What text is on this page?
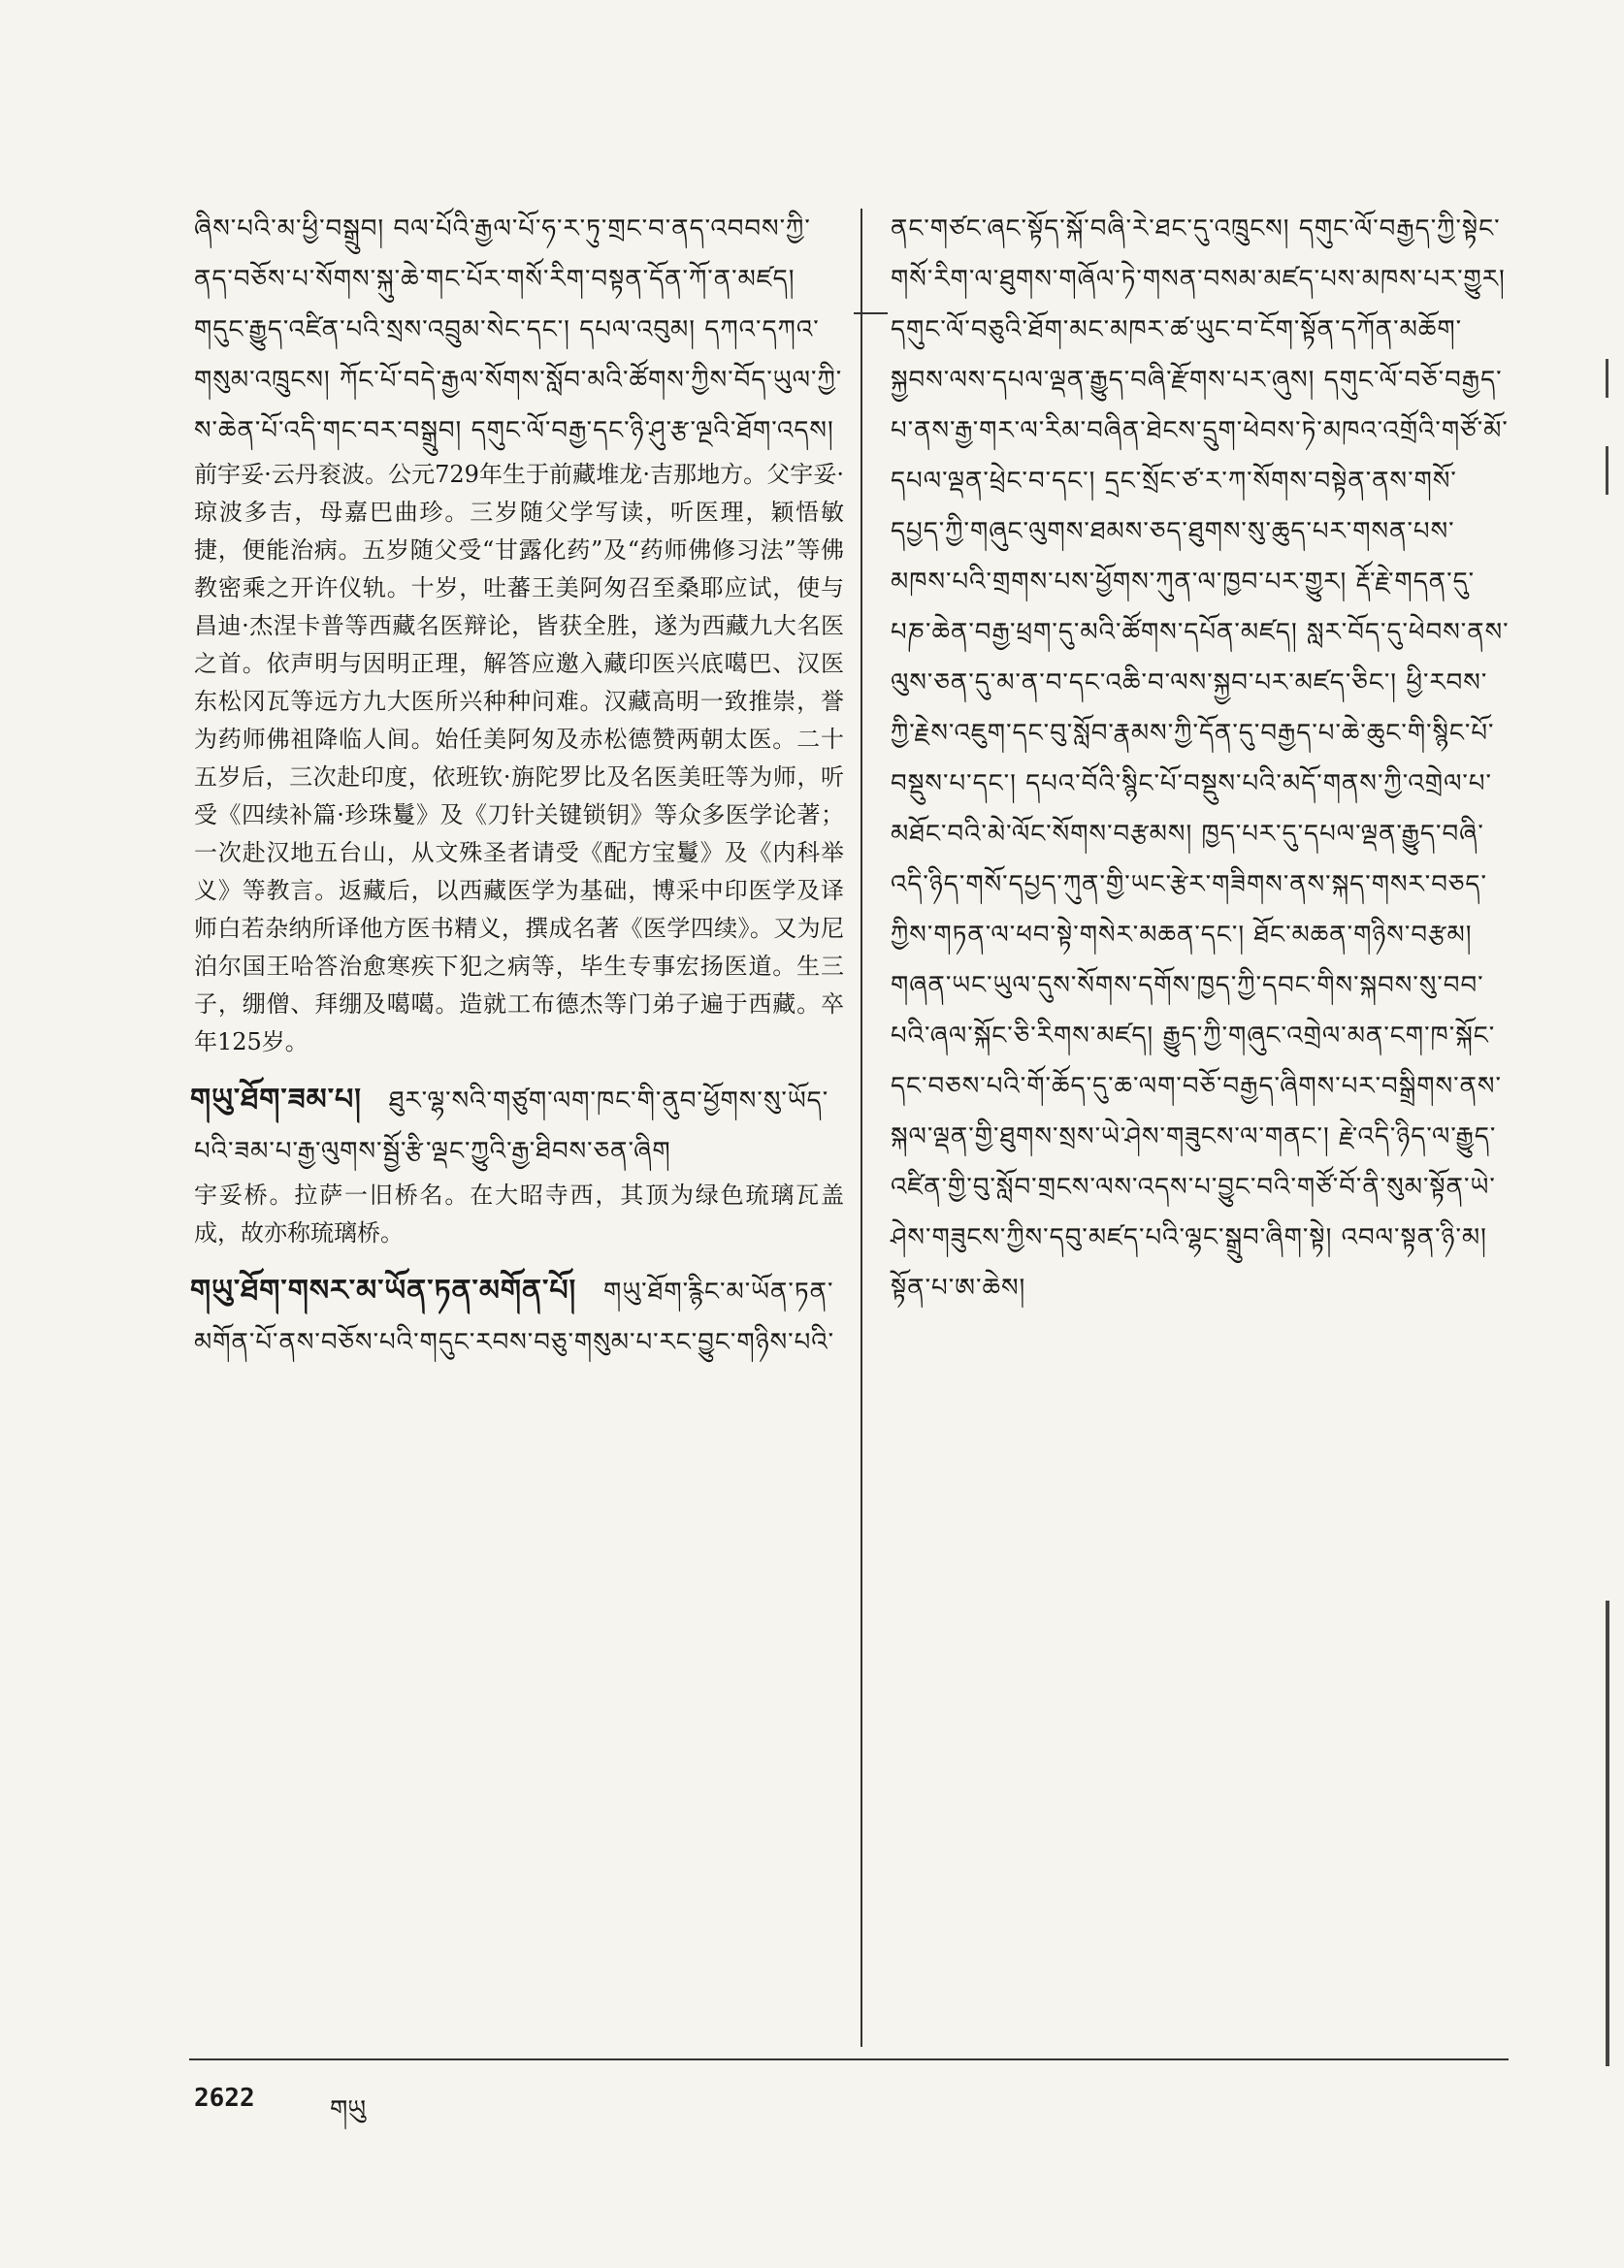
ཞིས་པའི་མ་ཕྱི་བསྒྲུབ། བལ་པོའི་རྒྱལ་པོ་ཧ་ར་ཏུ་གྲང་བ་ནད་འབབས་ཀྱི་ནད་བཅོས་པ་སོགས་སྐུ་ཆེ་གང་པོར་གསོ་རིག་བསྟན་དོན་ཀོ་ན་མཛད། གདུང་རྒྱུད་འཛིན་པའི་སྲས་འབྲུམ་སེང་དང་། དཔལ་འབུམ། དཀའ་དཀའ་གསུམ་འཁྲུངས། ཀོང་པོ་བདེ་རྒྱལ་སོགས་སློབ་མའི་ཚོགས་ཀྱིས་བོད་ཡུལ་ཀྱི་ས་ཆེན་པོ་འདི་གང་བར་བསྒྲུབ། དགུང་ལོ་བརྒྱ་དང་ཉི་ཤུ་རྩ་ལྔའི་ཐོག་འདས།

前宇妥·云丹衮波。公元729年生于前藏堆龙·吉那地方。父宇妥·琼波多吉，母嘉巴曲珍。三岁随父学写读，听医理，颖悟敏捷，便能治病。五岁随父受“甘露化药”及“药师佛修习法”等佛教密乘之开许仪轨。十岁，吐蕃王美阿匆召至桑耶应试，使与昌迪·杰涅卡普等西藏名医辩论，皆获全胜，遂为西藏九大名医之首。依声明与因明正理，解答应邀入藏印医兴底噶巴、汉医东松冈瓦等远方九大医所兴种种问难。汉藏高明一致推崇，誉为药师佛祖降临人间。始任美阿匆及赤松德赞两朝太医。二十五岁后，三次赴印度，依班钦·旃陀罗比及名医美旺等为师，听受《四续补篇·珍珠鬘》及《刀针关键锁钥》等众多医学论著；一次赴汉地五台山，从文殊圣者请受《配方宝鬘》及《内科举义》等教言。返藏后，以西藏医学为基础，博采中印医学及译师白若杂纳所译他方医书精义，撰成名著《医学四续》。又为尼泊尔国王哈答治愈寒疾下犯之病等，毕生专事宏扬医道。生三子，绷僧、拜绷及噶噶。造就工布德杰等门弟子遍于西藏。卒年125岁。

གཡུ་ཐོག་ཟམ་པ། ཐུར་ལྷ་སའི་གཙུག་ལག་ཁང་གི་ནུབ་ཕྱོགས་སུ་ཡོད་པའི་ཟམ་པ་རྒྱ་ལུགས་སྦྱོ་རྩི་ལྡང་ཀྱུའི་རྒྱ་ཐིབས་ཅན་ཞིག

宇妥桥。拉萨一旧桥名。在大昭寺西，其顶为绿色琉璃瓦盖成，故亦称琉璃桥。

གཡུ་ཐོག་གསར་མ་ཡོན་ཏན་མགོན་པོ། གཡུ་ཐོག་རྙིང་མ་ཡོན་ཏན་མགོན་པོ་ནས་བཅོས་པའི་གདུང་རབས་བཅུ་གསུམ་པ་རང་བྱུང་གཉིས་པའི་

ནང་གཙང་ཞང་སྟོད་སྐོ་བཞི་རེ་ཐང་དུ་འཁྲུངས། དགུང་ལོ་བརྒྱད་ཀྱི་སྟེང་གསོ་རིག་ལ་ཐུགས་གཞོལ་ཏེ་གསན་བསམ་མཛད་པས་མཁས་པར་གྱུར། དགུང་ལོ་བཅུའི་ཐོག་མང་མཁར་ཚ་ཡུང་བ་ངོག་སྟོན་དཀོན་མཆོག་སྐྱབས་ལས་དཔལ་ལྡན་རྒྱུད་བཞི་རྫོགས་པར་ཞུས། དགུང་ལོ་བཅོ་བརྒྱད་པ་ནས་རྒྱ་གར་ལ་རིམ་བཞིན་ཐེངས་དྲུག་ཕེབས་ཏེ་མཁའ་འགྲོའི་གཙོ་མོ་དཔལ་ལྡན་ཕྲེང་བ་དང་། དྲང་སྲོང་ཙ་ར་ཀ་སོགས་བསྟེན་ནས་གསོ་དཔྱད་ཀྱི་གཞུང་ལུགས་ཐམས་ཅད་ཐུགས་སུ་ཆུད་པར་གསན་པས་མཁས་པའི་གྲགས་པས་ཕྱོགས་ཀུན་ལ་ཁྱབ་པར་གྱུར། རྡོ་རྗེ་གདན་དུ་པཎ་ཆེན་བརྒྱ་ཕྲག་དུ་མའི་ཚོགས་དཔོན་མཛད། སླར་བོད་དུ་ཕེབས་ནས་ལུས་ཅན་དུ་མ་ན་བ་དང་འཆི་བ་ལས་སྐྱབ་པར་མཛད་ཅིང་། ཕྱི་རབས་ཀྱི་རྗེས་འཇུག་དང་བུ་སློབ་རྣམས་ཀྱི་དོན་དུ་བརྒྱད་པ་ཆེ་ཆུང་གི་སྙིང་པོ་བསྡུས་པ་དང་། དཔའ་བོའི་སྙིང་པོ་བསྡུས་པའི་མདོ་གནས་ཀྱི་འགྲེལ་པ་མཐོང་བའི་མེ་ལོང་སོགས་བརྩམས། ཁྱད་པར་དུ་དཔལ་ལྡན་རྒྱུད་བཞི་འདི་ཉིད་གསོ་དཔྱད་ཀུན་གྱི་ཡང་རྩེར་གཟིགས་ནས་སྐད་གསར་བཅད་ཀྱིས་གཏན་ལ་ཕབ་སྟེ་གསེར་མཆན་དང་། ཐོང་མཆན་གཉིས་བརྩམ། གཞན་ཡང་ཡུལ་དུས་སོགས་དགོས་ཁྱད་ཀྱི་དབང་གིས་སྐབས་སུ་བབ་པའི་ཞལ་སྐོང་ཅི་རིགས་མཛད། རྒྱུད་ཀྱི་གཞུང་འགྲེལ་མན་ངག་ཁ་སྐོང་དང་བཅས་པའི་གོ་ཆོད་དུ་ཆ་ལག་བཅོ་བརྒྱད་ཞིགས་པར་བསྒྲིགས་ནས་སྐལ་ལྡན་གྱི་ཐུགས་སྲས་ཡེ་ཤེས་གཟུངས་ལ་གནང་། རྗེ་འདི་ཉིད་ལ་རྒྱུད་འཛིན་གྱི་བུ་སློབ་གྲངས་ལས་འདས་པ་བྱུང་བའི་གཙོ་བོ་ནི་སུམ་སྟོན་ཡེ་ཤེས་གཟུངས་ཀྱིས་དབུ་མཛད་པའི་ལྷང་སྒྲུབ་ཞིག་སྟེ། འབལ་སྟན་ཉི་མ། སྟོན་པ་ཨ་ཆེས།

2622	གཡུ
